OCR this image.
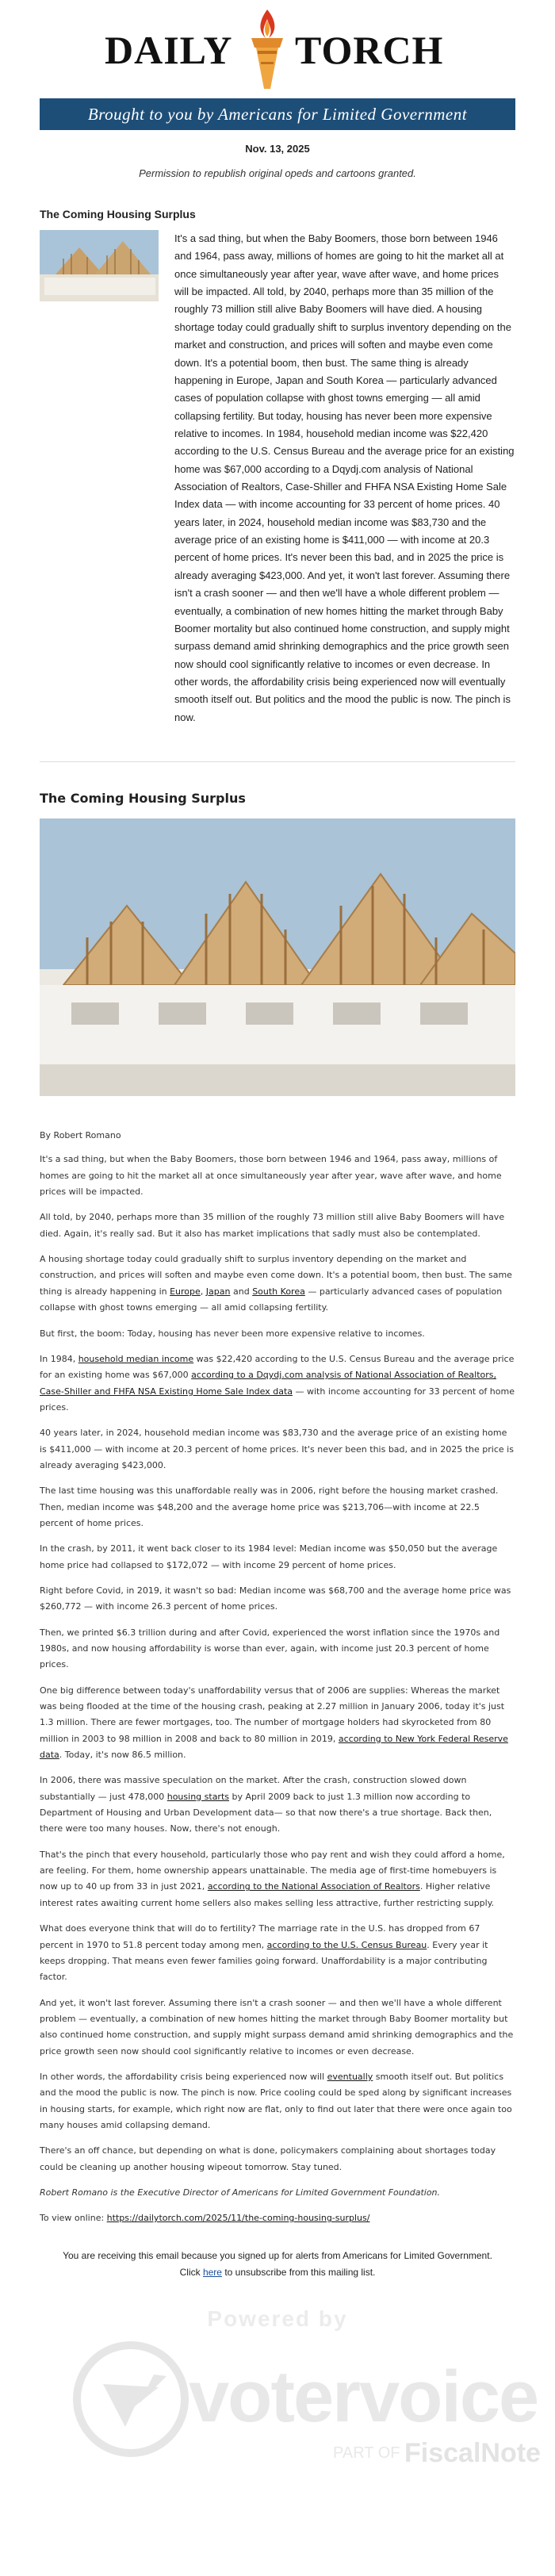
DAILY TORCH
Brought to you by Americans for Limited Government
Nov. 13, 2025
Permission to republish original opeds and cartoons granted.
The Coming Housing Surplus

It's a sad thing, but when the Baby Boomers, those born between 1946 and 1964, pass away, millions of homes are going to hit the market all at once simultaneously year after year, wave after wave, and home prices will be impacted. All told, by 2040, perhaps more than 35 million of the roughly 73 million still alive Baby Boomers will have died. A housing shortage today could gradually shift to surplus inventory depending on the market and construction, and prices will soften and maybe even come down. It's a potential boom, then bust. The same thing is already happening in Europe, Japan and South Korea — particularly advanced cases of population collapse with ghost towns emerging — all amid collapsing fertility. But today, housing has never been more expensive relative to incomes. In 1984, household median income was $22,420 according to the U.S. Census Bureau and the average price for an existing home was $67,000 according to a Dqydj.com analysis of National Association of Realtors, Case-Shiller and FHFA NSA Existing Home Sale Index data — with income accounting for 33 percent of home prices. 40 years later, in 2024, household median income was $83,730 and the average price of an existing home is $411,000 — with income at 20.3 percent of home prices. It's never been this bad, and in 2025 the price is already averaging $423,000. And yet, it won't last forever. Assuming there isn't a crash sooner — and then we'll have a whole different problem — eventually, a combination of new homes hitting the market through Baby Boomer mortality but also continued home construction, and supply might surpass demand amid shrinking demographics and the price growth seen now should cool significantly relative to incomes or even decrease. In other words, the affordability crisis being experienced now will eventually smooth itself out. But politics and the mood the public is now. The pinch is now.

The Coming Housing Surplus

By Robert Romano

It's a sad thing, but when the Baby Boomers, those born between 1946 and 1964, pass away, millions of homes are going to hit the market all at once simultaneously year after year, wave after wave, and home prices will be impacted.

All told, by 2040, perhaps more than 35 million of the roughly 73 million still alive Baby Boomers will have died. Again, it's really sad. But it also has market implications that sadly must also be contemplated.

A housing shortage today could gradually shift to surplus inventory depending on the market and construction, and prices will soften and maybe even come down. It's a potential boom, then bust. The same thing is already happening in Europe, Japan and South Korea — particularly advanced cases of population collapse with ghost towns emerging — all amid collapsing fertility.

But first, the boom: Today, housing has never been more expensive relative to incomes.

In 1984, household median income was $22,420 according to the U.S. Census Bureau and the average price for an existing home was $67,000 according to a Dqydj.com analysis of National Association of Realtors, Case-Shiller and FHFA NSA Existing Home Sale Index data — with income accounting for 33 percent of home prices.

40 years later, in 2024, household median income was $83,730 and the average price of an existing home is $411,000 — with income at 20.3 percent of home prices. It's never been this bad, and in 2025 the price is already averaging $423,000.

The last time housing was this unaffordable really was in 2006, right before the housing market crashed. Then, median income was $48,200 and the average home price was $213,706—with income at 22.5 percent of home prices.

In the crash, by 2011, it went back closer to its 1984 level: Median income was $50,050 but the average home price had collapsed to $172,072 — with income 29 percent of home prices.

Right before Covid, in 2019, it wasn't so bad: Median income was $68,700 and the average home price was $260,772 — with income 26.3 percent of home prices.

Then, we printed $6.3 trillion during and after Covid, experienced the worst inflation since the 1970s and 1980s, and now housing affordability is worse than ever, again, with income just 20.3 percent of home prices.

One big difference between today's unaffordability versus that of 2006 are supplies: Whereas the market was being flooded at the time of the housing crash, peaking at 2.27 million in January 2006, today it's just 1.3 million. There are fewer mortgages, too. The number of mortgage holders had skyrocketed from 80 million in 2003 to 98 million in 2008 and back to 80 million in 2019, according to New York Federal Reserve data. Today, it's now 86.5 million.

In 2006, there was massive speculation on the market. After the crash, construction slowed down substantially — just 478,000 housing starts by April 2009 back to just 1.3 million now according to Department of Housing and Urban Development data— so that now there's a true shortage. Back then, there were too many houses. Now, there's not enough.

That's the pinch that every household, particularly those who pay rent and wish they could afford a home, are feeling. For them, home ownership appears unattainable. The media age of first-time homebuyers is now up to 40 up from 33 in just 2021, according to the National Association of Realtors. Higher relative interest rates awaiting current home sellers also makes selling less attractive, further restricting supply.

What does everyone think that will do to fertility? The marriage rate in the U.S. has dropped from 67 percent in 1970 to 51.8 percent today among men, according to the U.S. Census Bureau. Every year it keeps dropping. That means even fewer families going forward. Unaffordability is a major contributing factor.

And yet, it won't last forever. Assuming there isn't a crash sooner — and then we'll have a whole different problem — eventually, a combination of new homes hitting the market through Baby Boomer mortality but also continued home construction, and supply might surpass demand amid shrinking demographics and the price growth seen now should cool significantly relative to incomes or even decrease.

In other words, the affordability crisis being experienced now will eventually smooth itself out. But politics and the mood the public is now. The pinch is now. Price cooling could be sped along by significant increases in housing starts, for example, which right now are flat, only to find out later that there were once again too many houses amid collapsing demand.

There's an off chance, but depending on what is done, policymakers complaining about shortages today could be cleaning up another housing wipeout tomorrow. Stay tuned.

Robert Romano is the Executive Director of Americans for Limited Government Foundation.

To view online: https://dailytorch.com/2025/11/the-coming-housing-surplus/

You are receiving this email because you signed up for alerts from Americans for Limited Government.
Click here to unsubscribe from this mailing list.
Powered by
votervoice
PART OF FiscalNote
